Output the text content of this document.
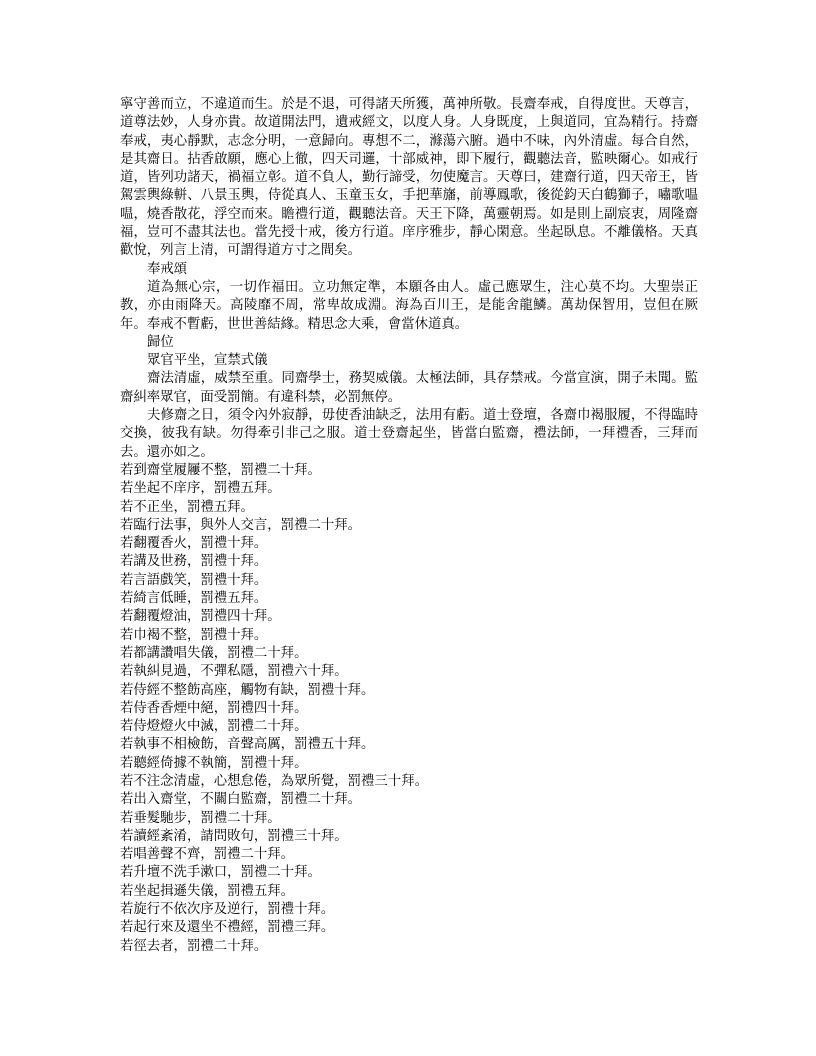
寧守善而立，不違道而生。於是不退，可得諸天所獲，萬神所敬。長齋奉戒，自得度世。天尊言，道尊法妙，人身亦貴。故道開法門，遺戒經文，以度人身。人身既度，上與道同，宜為精行。持齋奉戒，夷心靜默，志念分明，一意歸向。專想不二，滌蕩六腑。過中不味，內外清虛。每合自然，是其齋日。拈香啟願，應心上徹，四天司邏，十部威神，即下履行，觀聽法音，監映爾心。如戒行道，皆列功諸天，禍福立彰。道不負人，勤行諦受，勿使魔言。天尊曰，建齋行道，四天帝王，皆駕雲輿綠軿、八景玉輿，侍從真人、玉童玉女，手把華旛，前導鳳歌，後從鈞天白鶴獅子，嘯歌嗢嗢，燒香散花，浮空而來。瞻禮行道，觀聽法音。天王下降，萬靈朝焉。如是則上副宸衷，周隆齋福，豈可不盡其法也。當先授十戒，後方行道。庠序雅步，靜心閑意。坐起臥息。不離儀格。天真歡悅，列言上清，可謂得道方寸之間矣。

奉戒頌

道為無心宗，一切作福田。立功無定準，本願各由人。虛己應眾生，注心莫不均。大聖崇正教，亦由雨降天。高陵靡不周，常卑故成淵。海為百川王，是能舍龍鱗。萬劫保智用，豈但在厥年。奉戒不暫虧，世世善結緣。精思念大乘，會當休道真。

歸位

眾官平坐，宣禁式儀

齋法清虛，威禁至重。同齋學士，務契威儀。太極法師，具存禁戒。今當宣演，開子未聞。監齋糾率眾官，面受罰簡。有違科禁，必罰無停。

夫修齋之日，須令內外寂靜，毋使香油缺乏，法用有虧。道士登壇，各齋巾褐服履，不得臨時交換，彼我有缺。勿得牽引非己之服。道士登齋起坐，皆當白監齋，禮法師，一拜禮香，三拜而去。還亦如之。

若到齋堂履屨不整，罰禮二十拜。

若坐起不庠序，罰禮五拜。

若不正坐，罰禮五拜。

若臨行法事，與外人交言，罰禮二十拜。

若翻覆香火，罰禮十拜。

若講及世務，罰禮十拜。

若言語戲笑，罰禮十拜。

若綺言低睡，罰禮五拜。

若翻覆燈油，罰禮四十拜。

若巾褐不整，罰禮十拜。

若都講讚唱失儀，罰禮二十拜。

若執糾見過，不彈私隱，罰禮六十拜。

若侍經不整飭高座，觸物有缺，罰禮十拜。

若侍香香煙中絕，罰禮四十拜。

若侍燈燈火中滅，罰禮二十拜。

若執事不相檢飭，音聲高厲，罰禮五十拜。

若聽經倚據不執簡，罰禮十拜。

若不注念清虛，心想怠倦，為眾所覺，罰禮三十拜。

若出入齋堂，不關白監齋，罰禮二十拜。

若垂髮馳步，罰禮二十拜。

若讀經紊淆，請問敗句，罰禮三十拜。

若唱善聲不齊，罰禮二十拜。

若升壇不洗手漱口，罰禮二十拜。

若坐起揖遜失儀，罰禮五拜。

若旋行不依次序及逆行，罰禮十拜。

若起行來及還坐不禮經，罰禮三拜。

若徑去者，罰禮二十拜。
